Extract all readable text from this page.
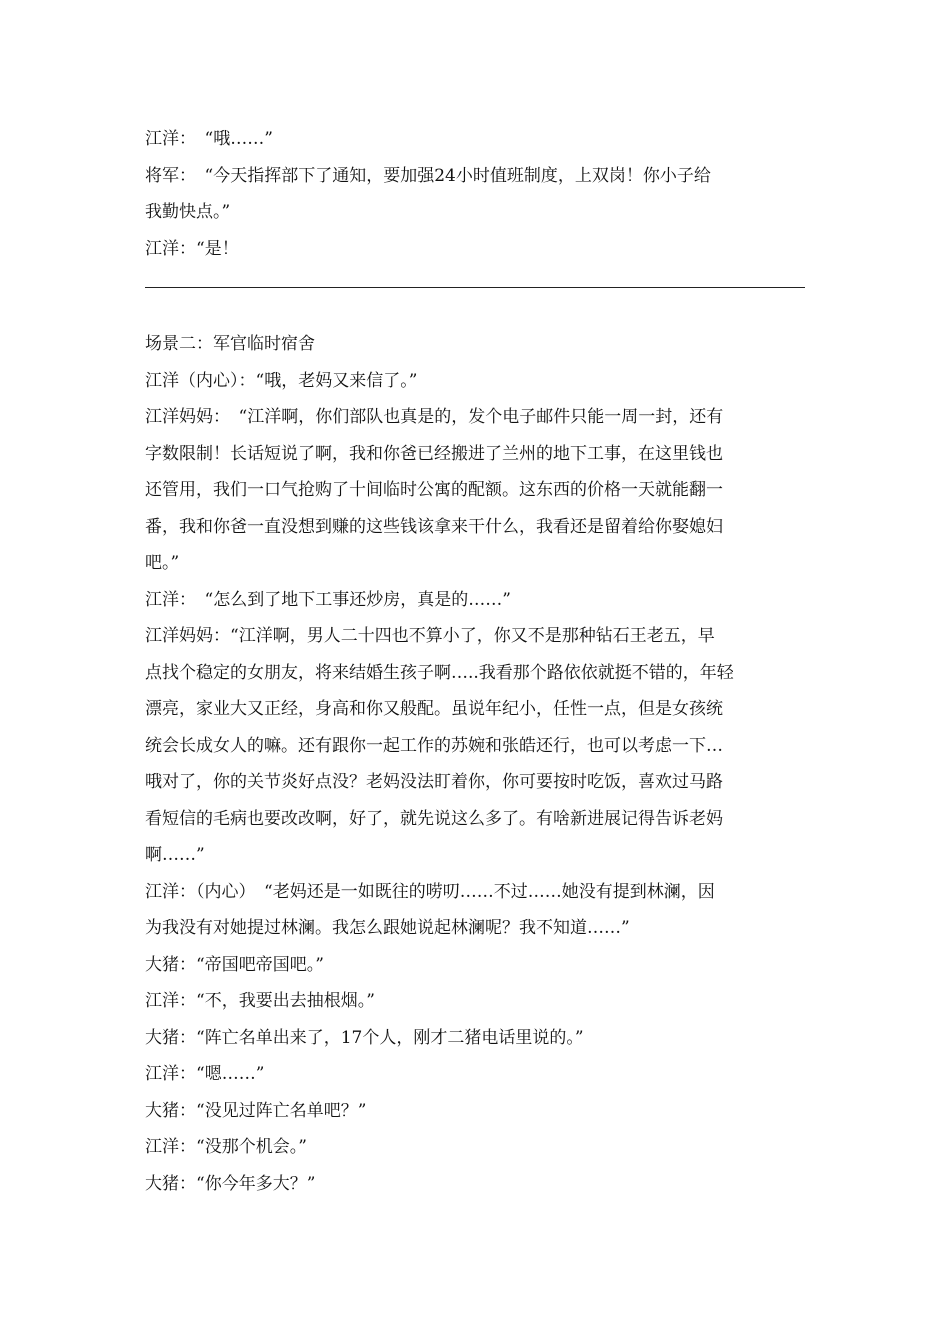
江洋：　“哦……”
将军：　“今天指挥部下了通知，要加强24小时值班制度，上双岗！你小子给
我勤快点。”
江洋：“是！
场景二：军官临时宿舍
江洋（内心）：“哦，老妈又来信了。”
江洋妈妈：　“江洋啊，你们部队也真是的，发个电子邮件只能一周一封，还有
字数限制！长话短说了啊，我和你爸已经搬进了兰州的地下工事，在这里钱也
还管用，我们一口气抢购了十间临时公寓的配额。这东西的价格一天就能翻一
番，我和你爸一直没想到赚的这些钱该拿来干什么，我看还是留着给你娶媳妇
吧。”
江洋：　“怎么到了地下工事还炒房，真是的……”
江洋妈妈：“江洋啊，男人二十四也不算小了，你又不是那种钻石王老五，早
点找个稳定的女朋友，将来结婚生孩子啊…..我看那个路依依就挺不错的，年轻
漂亮，家业大又正经，身高和你又般配。虽说年纪小，任性一点，但是女孩统
统会长成女人的嘛。还有跟你一起工作的苏婉和张皓还行，也可以考虑一下…
哦对了，你的关节炎好点没？老妈没法盯着你，你可要按时吃饭，喜欢过马路
看短信的毛病也要改改啊，好了，就先说这么多了。有啥新进展记得告诉老妈
啊……”
江洋：（内心）　“老妈还是一如既往的唠叨……不过……她没有提到林澜，因
为我没有对她提过林澜。我怎么跟她说起林澜呢？我不知道……”
大猪：“帝国吧帝国吧。”
江洋：“不，我要出去抽根烟。”
大猪：“阵亡名单出来了，17个人，刚才二猪电话里说的。”
江洋：“嗯……”
大猪：“没见过阵亡名单吧？”
江洋：“没那个机会。”
大猪：“你今年多大？”
